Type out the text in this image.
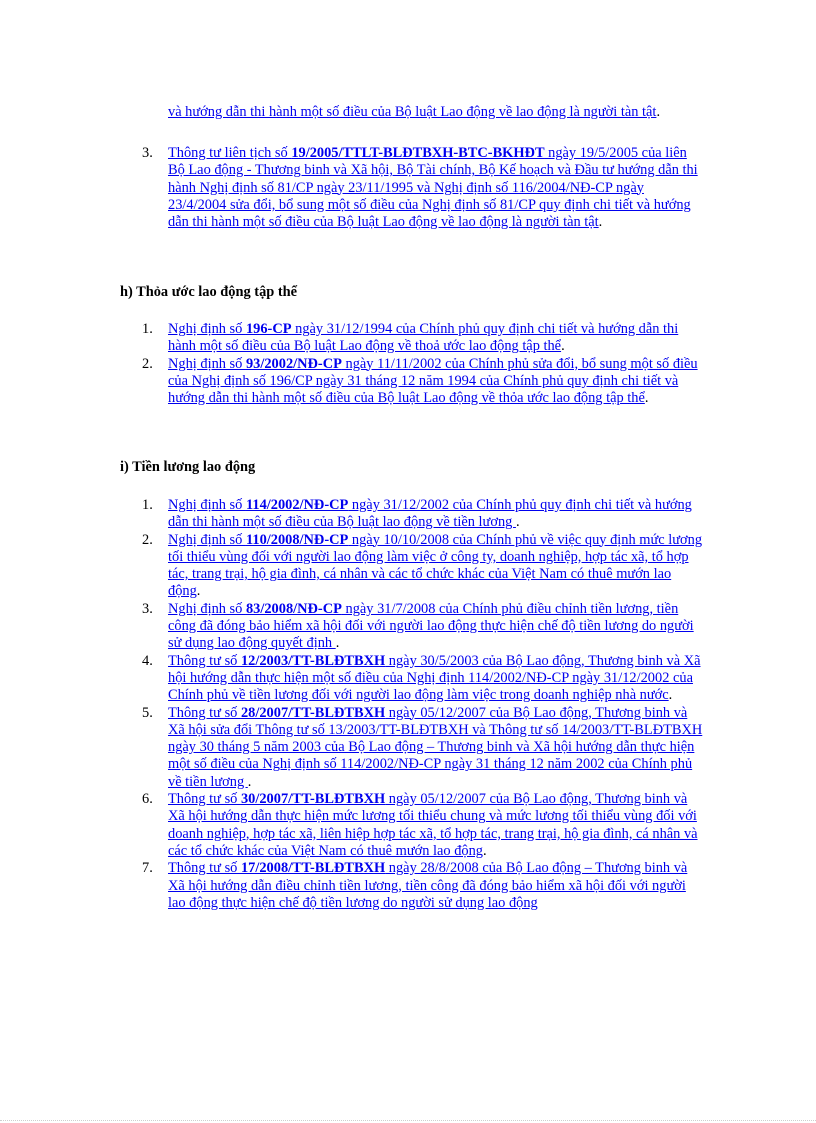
và hướng dẫn thi hành một số điều của Bộ luật Lao động về lao động là người tàn tật.
3. Thông tư liên tịch số 19/2005/TTLT-BLĐTBXH-BTC-BKHĐT ngày 19/5/2005 của liên Bộ Lao động - Thương binh và Xã hội, Bộ Tài chính, Bộ Kế hoạch và Đầu tư hướng dẫn thi hành Nghị định số 81/CP ngày 23/11/1995 và Nghị định số 116/2004/NĐ-CP ngày 23/4/2004 sửa đổi, bổ sung một số điều của Nghị định số 81/CP quy định chi tiết và hướng dẫn thi hành một số điều của Bộ luật Lao động về lao động là người tàn tật.
h) Thỏa ước lao động tập thể
1. Nghị định số 196-CP ngày 31/12/1994 của Chính phủ quy định chi tiết và hướng dẫn thi hành một số điều của Bộ luật Lao động về thoả ước lao động tập thể.
2. Nghị định số 93/2002/NĐ-CP ngày 11/11/2002 của Chính phủ sửa đổi, bổ sung một số điều của Nghị định số 196/CP ngày 31 tháng 12 năm 1994 của Chính phủ quy định chi tiết và hướng dẫn thi hành một số điều của Bộ luật Lao động về thỏa ước lao động tập thể.
i) Tiền lương lao động
1. Nghị định số 114/2002/NĐ-CP ngày 31/12/2002 của Chính phủ quy định chi tiết và hướng dẫn thi hành một số điều của Bộ luật lao động về tiền lương .
2. Nghị định số 110/2008/NĐ-CP ngày 10/10/2008 của Chính phủ về việc quy định mức lương tối thiểu vùng đối với người lao động làm việc ở công ty, doanh nghiệp, hợp tác xã, tổ hợp tác, trang trại, hộ gia đình, cá nhân và các tổ chức khác của Việt Nam có thuê mướn lao động.
3. Nghị định số 83/2008/NĐ-CP ngày 31/7/2008 của Chính phủ điều chỉnh tiền lương, tiền công đã đóng bảo hiểm xã hội đối với người lao động thực hiện chế độ tiền lương do người sử dụng lao động quyết định .
4. Thông tư số 12/2003/TT-BLĐTBXH ngày 30/5/2003 của Bộ Lao động, Thương binh và Xã hội hướng dẫn thực hiện một số điều của Nghị định 114/2002/NĐ-CP ngày 31/12/2002 của Chính phủ về tiền lương đối với người lao động làm việc trong doanh nghiệp nhà nước.
5. Thông tư số 28/2007/TT-BLĐTBXH ngày 05/12/2007 của Bộ Lao động, Thương binh và Xã hội sửa đổi Thông tư số 13/2003/TT-BLĐTBXH và Thông tư số 14/2003/TT-BLĐTBXH ngày 30 tháng 5 năm 2003 của Bộ Lao động – Thương binh và Xã hội hướng dẫn thực hiện một số điều của Nghị định số 114/2002/NĐ-CP ngày 31 tháng 12 năm 2002 của Chính phủ về tiền lương .
6. Thông tư số 30/2007/TT-BLĐTBXH ngày 05/12/2007 của Bộ Lao động, Thương binh và Xã hội hướng dẫn thực hiện mức lương tối thiểu chung và mức lương tối thiểu vùng đối với doanh nghiệp, hợp tác xã, liên hiệp hợp tác xã, tổ hợp tác, trang trại, hộ gia đình, cá nhân và các tổ chức khác của Việt Nam có thuê mướn lao động.
7. Thông tư số 17/2008/TT-BLĐTBXH ngày 28/8/2008 của Bộ Lao động – Thương binh và Xã hội hướng dẫn điều chỉnh tiền lương, tiền công đã đóng bảo hiểm xã hội đối với người lao động thực hiện chế độ tiền lương do người sử dụng lao động
